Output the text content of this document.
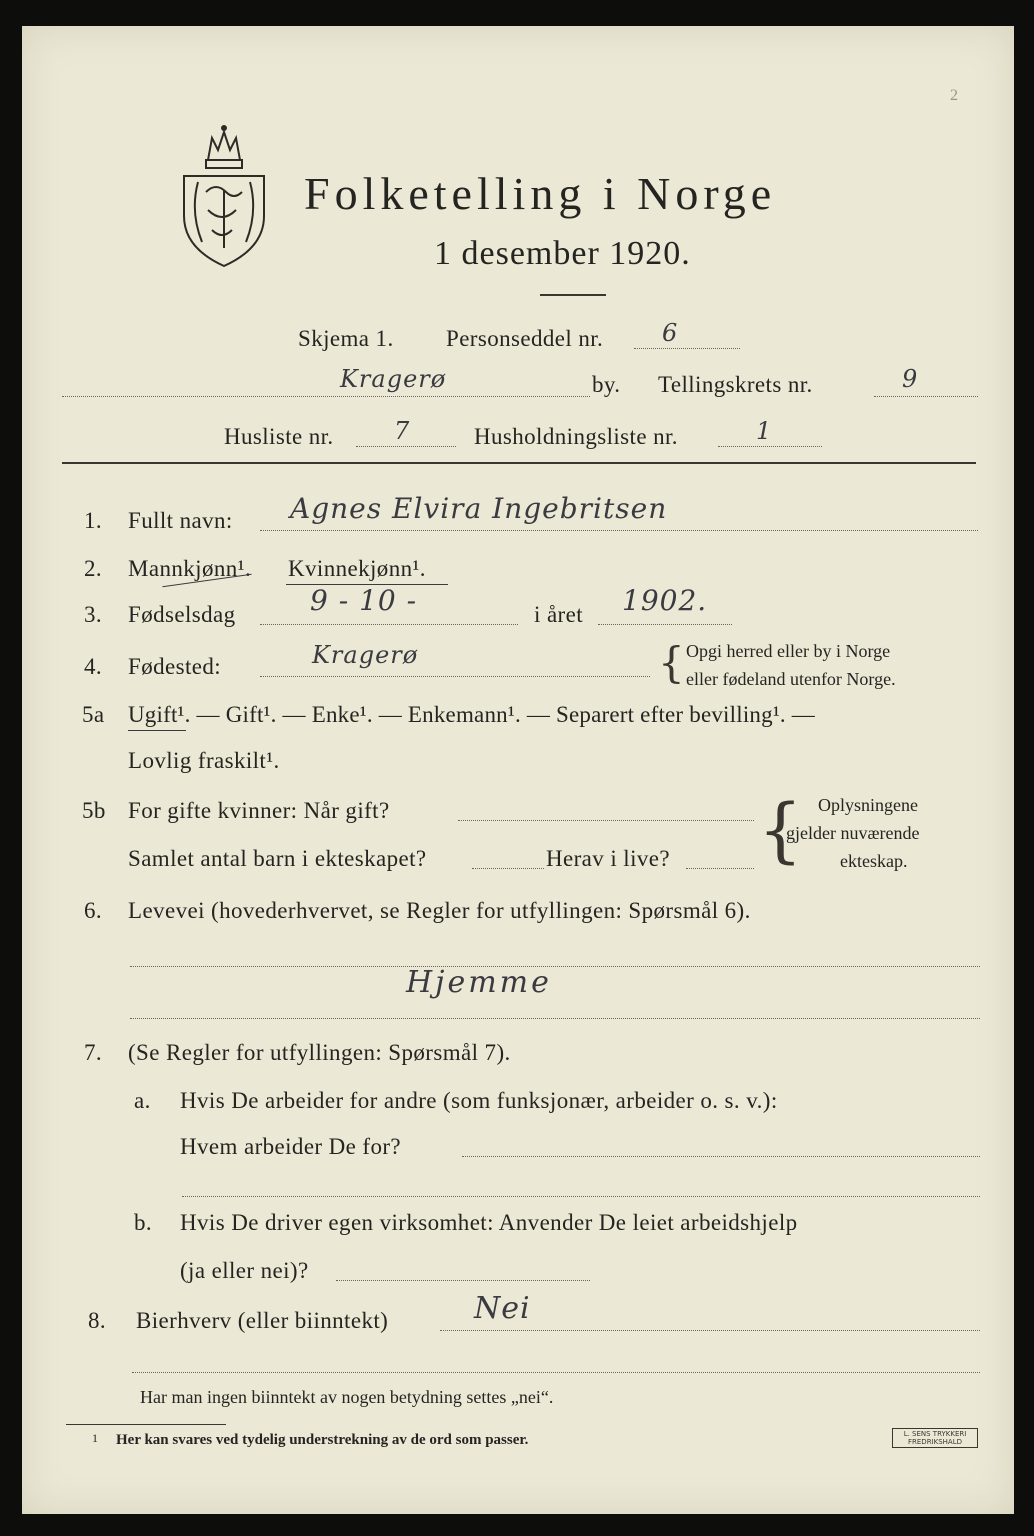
Folketelling i Norge
1 desember 1920.
2
Skjema 1. Personseddel nr. 6
Kragerø	by. Tellingskrets nr.	9
Husliste nr.	7	Husholdningsliste nr.	1
1. Fullt navn: Agnes Elvira Ingebritsen
2. Mannkjønn¹. Kvinnekjønn¹.
3. Fødselsdag	9 - 10 -	i året 1902.
4. Fødested:	Kragerø	{ Opgi herred eller by i Norge
eller fødeland utenfor Norge.
5a Ugift¹. — Gift¹. — Enke¹. — Enkemann¹. — Separert efter bevilling¹. —
Lovlig fraskilt¹.
5b For gifte kvinner: Når gift?
Samlet antal barn i ekteskapet?	Herav i live? { Oplysningene
gjelder nuværende
ekteskap.
6. Levevei (hovederhvervet, se Regler for utfyllingen: Spørsmål 6).
Hjemme
7. (Se Regler for utfyllingen: Spørsmål 7).
a. Hvis De arbeider for andre (som funksjonær, arbeider o. s. v.):
Hvem arbeider De for?
b. Hvis De driver egen virksomhet: Anvender De leiet arbeidshjelp
(ja eller nei)?
8. Bierhverv (eller biinntekt)	Nei
Har man ingen biinntekt av nogen betydning settes „nei“.
1 Her kan svares ved tydelig understrekning av de ord som passer.	L. SENS TRYKKERI
FREDRIKSHALD
